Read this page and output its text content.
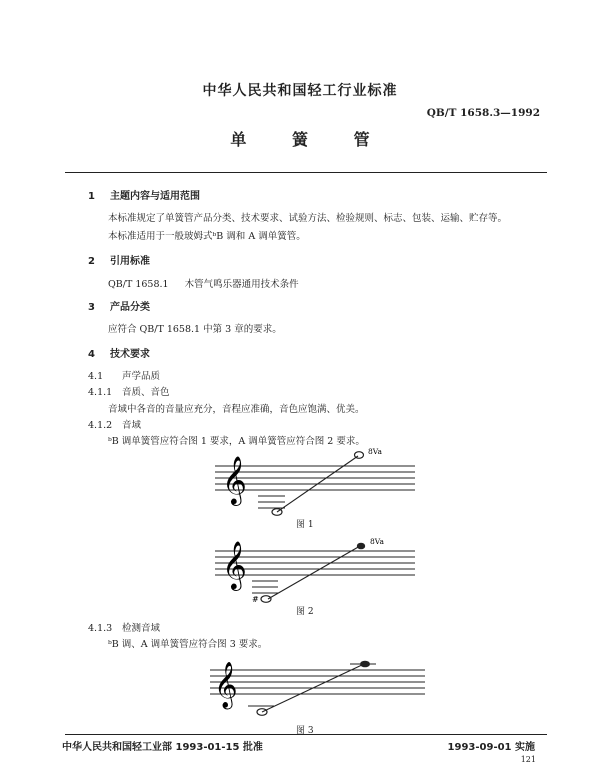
中华人民共和国轻工行业标准
QB/T 1658.3—1992
单 簧 管
1 主题内容与适用范围
本标准规定了单簧管产品分类、技术要求、试验方法、检验规则、标志、包装、运输、贮存等。
本标准适用于一般玻姆式ᵇB 调和 A 调单簧管。
2 引用标准
QB/T 1658.1 木管气鸣乐器通用技术条件
3 产品分类
应符合 QB/T 1658.1 中第 3 章的要求。
4 技术要求
4.1 声学品质
4.1.1 音质、音色
音域中各音的音量应充分，音程应准确，音色应饱满、优美。
4.1.2 音域
ᵇB 调单簧管应符合图 1 要求，A 调单簧管应符合图 2 要求。
𝄞
8Va
图 1
𝄞
#
8Va
图 2
4.1.3 检测音域
ᵇB 调、A 调单簧管应符合图 3 要求。
𝄞
图 3
中华人民共和国轻工业部 1993-01-15 批准	1993-09-01 实施
121
